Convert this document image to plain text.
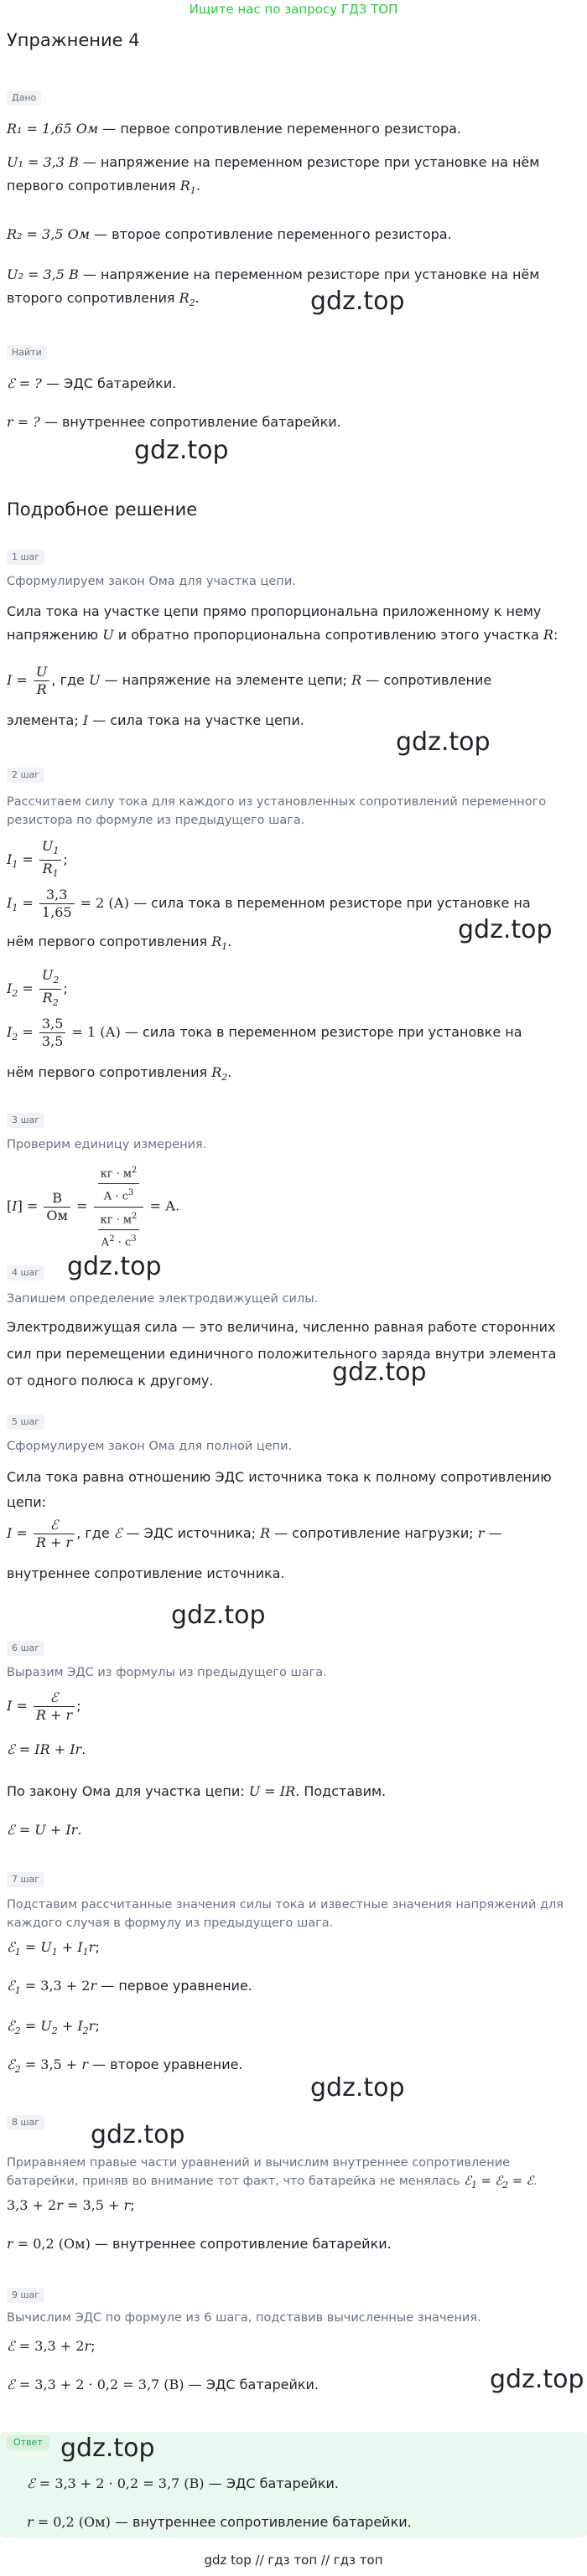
Ищите нас по запросу ГДЗ ТОП
Упражнение 4
Дано
R₁ = 1,65 Ом — первое сопротивление переменного резистора.
U₁ = 3,3 В — напряжение на переменном резисторе при установке на нём
первого сопротивления $R_1$.
R₂ = 3,5 Ом — второе сопротивление переменного резистора.
U₂ = 3,5 В — напряжение на переменном резисторе при установке на нём
второго сопротивления $R_2$.	gdz.top
Найти
ℰ = ? — ЭДС батарейки.
r = ? — внутреннее сопротивление батарейки.
gdz.top
Подробное решение
1 шаг
Сформулируем закон Ома для участка цепи.
Сила тока на участке цепи прямо пропорциональна приложенному к нему
напряжению U и обратно пропорциональна сопротивлению этого участка R:
$I = \frac{U}{R}$ , где U — напряжение на элементе цепи; R — сопротивление
элемента; I — сила тока на участке цепи.
gdz.top
2 шаг
Рассчитаем силу тока для каждого из установленных сопротивлений переменного
резистора по формуле из предыдущего шага.
$I_1 = \frac{U_1}{R_1}$ ;
$I_1 = \frac{3,3}{1,65} = 2$ (А) — сила тока в переменном резисторе при установке на
нём первого сопротивления $R_1$.	gdz.top
$I_2 = \frac{U_2}{R_2}$ ;
$I_2 = \frac{3,5}{3,5} = 1$ (А) — сила тока в переменном резисторе при установке на
нём первого сопротивления $R_2$.
3 шаг
Проверим единицу измерения.
$[I] = \frac{В}{Ом} = \frac{\frac{кг \cdot м^2}{А \cdot с^3}}{\frac{кг \cdot м^2}{А^2 \cdot с^3}} = А$.
4 шаг gdz.top
Запишем определение электродвижущей силы.
Электродвижущая сила — это величина, численно равная работе сторонних
сил при перемещении единичного положительного заряда внутри элемента
от одного полюса к другому.	gdz.top
5 шаг
Сформулируем закон Ома для полной цепи.
Сила тока равна отношению ЭДС источника тока к полному сопротивлению
цепи:
$I = \frac{\text{ℰ}}{R + r}$ , где ℰ — ЭДС источника; R — сопротивление нагрузки; r —
внутреннее сопротивление источника.
gdz.top
6 шаг
Выразим ЭДС из формулы из предыдущего шага.
$I = \frac{\text{ℰ}}{R + r}$ ;
ℰ = IR + Ir.
По закону Ома для участка цепи: U = IR. Подставим.
ℰ = U + Ir.
7 шаг
Подставим рассчитанные значения силы тока и известные значения напряжений для
каждого случая в формулу из предыдущего шага.
ℰ$_1$ = $U_1 + I_1r$;
ℰ$_1$ = 3,3 + 2r — первое уравнение.
ℰ$_2$ = $U_2 + I_2r$;
ℰ$_2$ = 3,5 + r — второе уравнение.
gdz.top
8 шаг gdz.top
Приравняем правые части уравнений и вычислим внутреннее сопротивление
батарейки, приняв во внимание тот факт, что батарейка не менялась ℰ$_1$ = ℰ$_2$ = ℰ.
3,3 + 2r = 3,5 + r;
r = 0,2 (Ом) — внутреннее сопротивление батарейки.
9 шаг
Вычислим ЭДС по формуле из 6 шага, подставив вычисленные значения.
ℰ = 3,3 + 2r;
ℰ = 3,3 + 2 · 0,2 = 3,7 (В) — ЭДС батарейки.	gdz.top
Ответ gdz.top
ℰ = 3,3 + 2 · 0,2 = 3,7 (В) — ЭДС батарейки.
r = 0,2 (Ом) — внутреннее сопротивление батарейки.
gdz top // гдз топ // гдз топ
